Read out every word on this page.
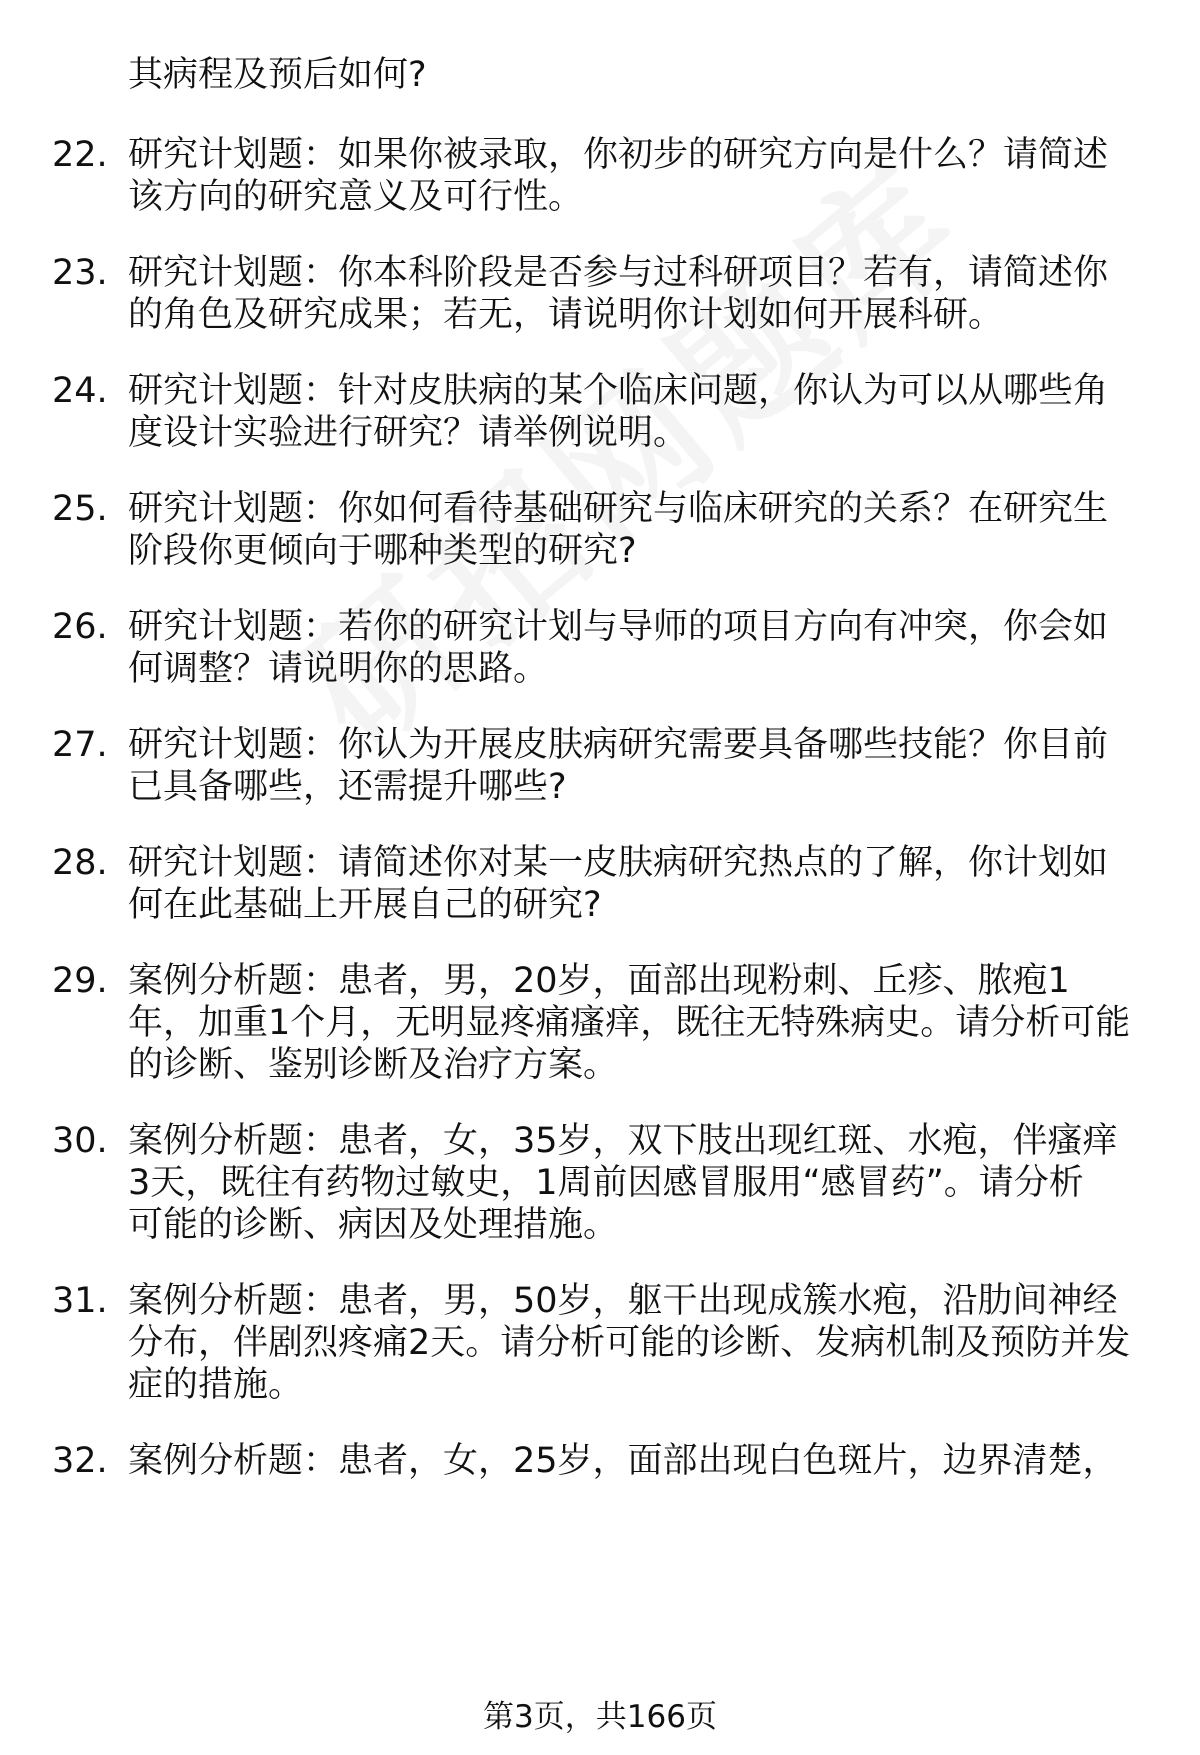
其病程及预后如何?
22. 研究计划题：如果你被录取，你初步的研究方向是什么？请简述
该方向的研究意义及可行性。
23. 研究计划题：你本科阶段是否参与过科研项目？若有，请简述你
的角色及研究成果；若无，请说明你计划如何开展科研。
24. 研究计划题：针对皮肤病的某个临床问题，你认为可以从哪些角
度设计实验进行研究？请举例说明。
25. 研究计划题：你如何看待基础研究与临床研究的关系？在研究生
阶段你更倾向于哪种类型的研究?
26. 研究计划题：若你的研究计划与导师的项目方向有冲突，你会如
何调整？请说明你的思路。
27. 研究计划题：你认为开展皮肤病研究需要具备哪些技能？你目前
已具备哪些，还需提升哪些?
28. 研究计划题：请简述你对某一皮肤病研究热点的了解，你计划如
何在此基础上开展自己的研究?
29. 案例分析题：患者，男，20岁，面部出现粉刺、丘疹、脓疱1
年，加重1个月，无明显疼痛瘙痒，既往无特殊病史。请分析可能
的诊断、鉴别诊断及治疗方案。
30. 案例分析题：患者，女，35岁，双下肢出现红斑、水疱，伴瘙痒
3天，既往有药物过敏史，1周前因感冒服用“感冒药”。请分析
可能的诊断、病因及处理措施。
31. 案例分析题：患者，男，50岁，躯干出现成簇水疱，沿肋间神经
分布，伴剧烈疼痛2天。请分析可能的诊断、发病机制及预防并发
症的措施。
32. 案例分析题：患者，女，25岁，面部出现白色斑片，边界清楚，
第3页，共166页
